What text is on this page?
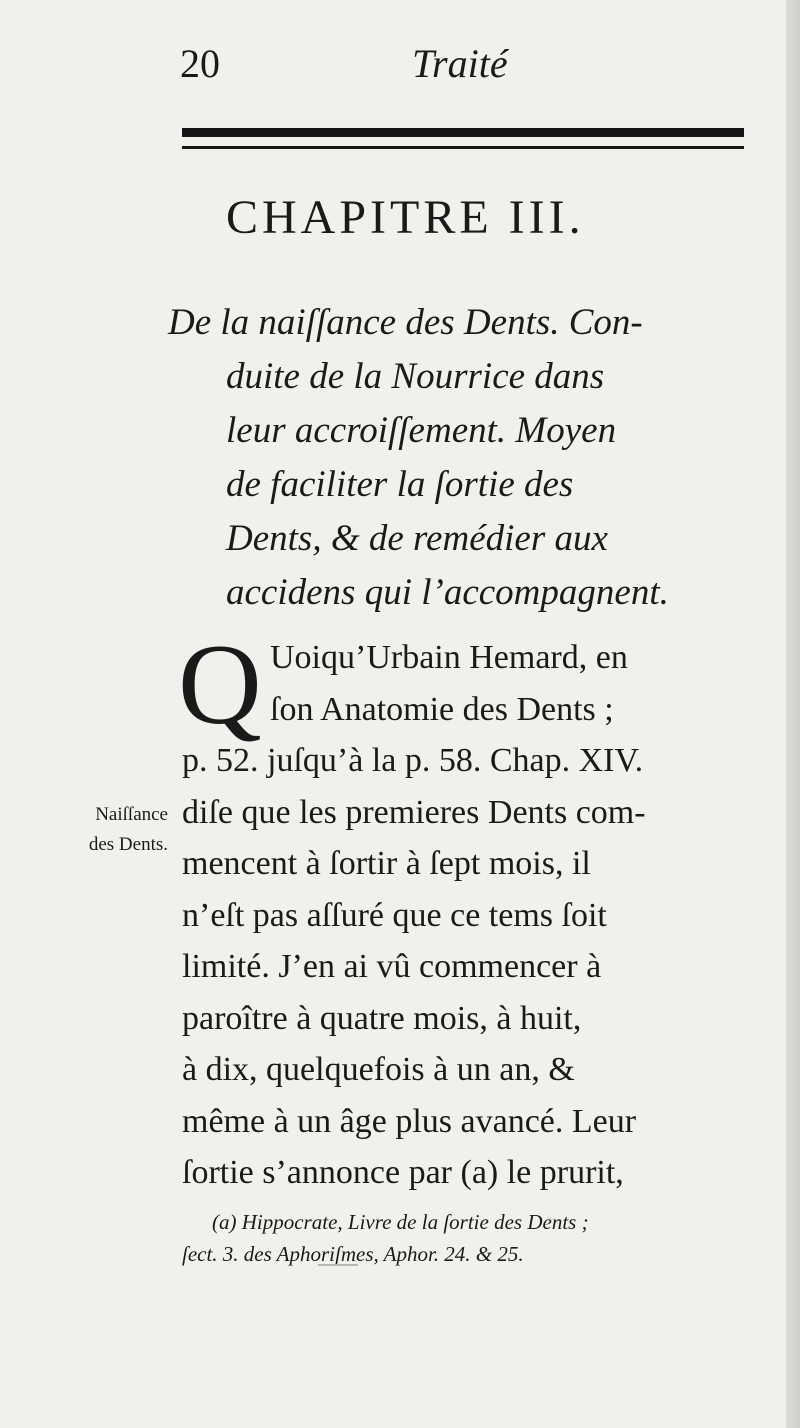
20	Traité
CHAPITRE III.
De la naiſſance des Dents. Con-
duite de la Nourrice dans
leur accroiſſement. Moyen
de faciliter la ſortie des
Dents, & de remédier aux
accidens qui l’accompagnent.
Naiſſance
des Dents.
Q Uoiqu’Urbain Hemard, en
ſon Anatomie des Dents ;
p. 52. juſqu’à la p. 58. Chap. XIV.
diſe que les premieres Dents com-
mencent à ſortir à ſept mois, il
n’eſt pas aſſuré que ce tems ſoit
limité. J’en ai vû commencer à
paroître à quatre mois, à huit,
à dix, quelquefois à un an, &
même à un âge plus avancé. Leur
ſortie s’annonce par (a) le prurit,
(a) Hippocrate, Livre de la ſortie des Dents ;
ſect. 3. des Aphoriſmes, Aphor. 24. & 25.
